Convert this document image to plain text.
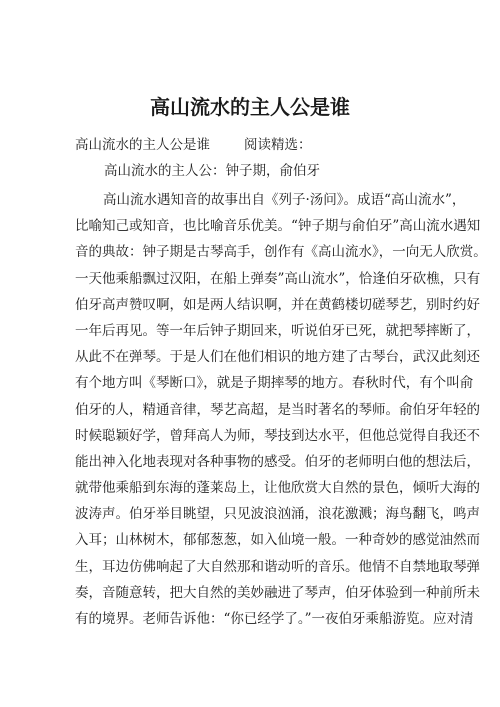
高山流水的主人公是谁
高山流水的主人公是谁	阅读精选：
高山流水的主人公：钟子期，俞伯牙
高山流水遇知音的故事出自《列子·汤问》。成语“高山流水”，
比喻知己或知音，也比喻音乐优美。“钟子期与俞伯牙”高山流水遇知
音的典故：钟子期是古琴高手，创作有《高山流水》，一向无人欣赏。
一天他乘船飘过汉阳，在船上弹奏”高山流水”，恰逢伯牙砍樵，只有
伯牙高声赞叹啊，如是两人结识啊，并在黄鹤楼切磋琴艺，别时约好
一年后再见。等一年后钟子期回来，听说伯牙已死，就把琴摔断了，
从此不在弹琴。于是人们在他们相识的地方建了古琴台，武汉此刻还
有个地方叫《琴断口》，就是子期摔琴的地方。春秋时代，有个叫俞
伯牙的人，精通音律，琴艺高超，是当时著名的琴师。俞伯牙年轻的
时候聪颖好学，曾拜高人为师，琴技到达水平，但他总觉得自我还不
能出神入化地表现对各种事物的感受。伯牙的老师明白他的想法后，
就带他乘船到东海的蓬莱岛上，让他欣赏大自然的景色，倾听大海的
波涛声。伯牙举目眺望，只见波浪汹涌，浪花激溅；海鸟翻飞，鸣声
入耳；山林树木，郁郁葱葱，如入仙境一般。一种奇妙的感觉油然而
生，耳边仿佛响起了大自然那和谐动听的音乐。他情不自禁地取琴弹
奏，音随意转，把大自然的美妙融进了琴声，伯牙体验到一种前所未
有的境界。老师告诉他：“你已经学了。”一夜伯牙乘船游览。应对清
